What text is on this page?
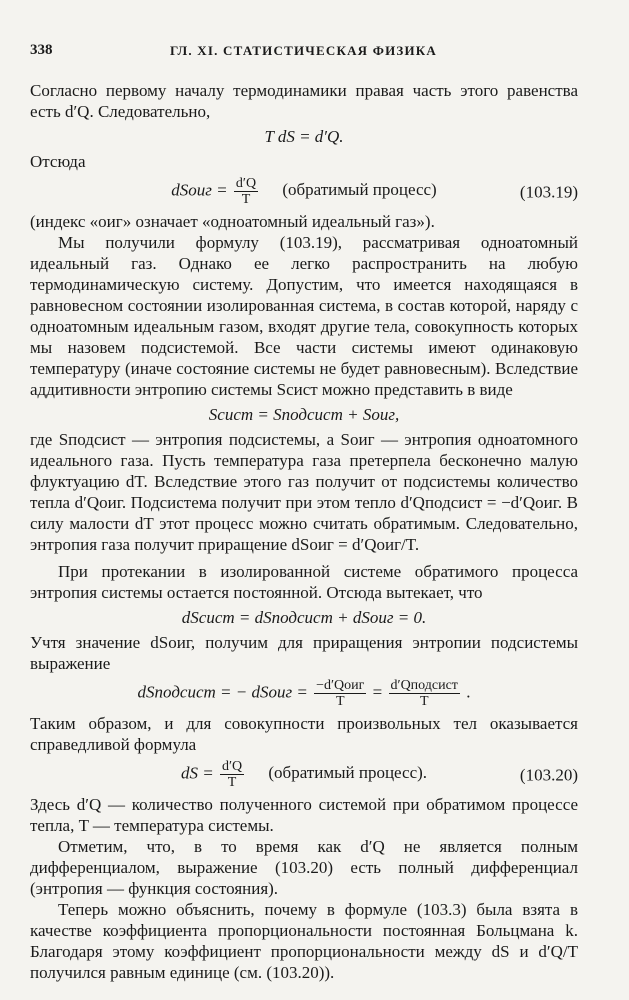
338	ГЛ. XI. СТАТИСТИЧЕСКАЯ ФИЗИКА

Согласно первому началу термодинамики правая часть этого равенства есть d′Q. Следовательно,

T dS = d′Q.

Отсюда

dSоиг = $\frac{d'Q}{T}$ (обратимый процесс)	(103.19)

(индекс «оиг» означает «одноатомный идеальный газ»).

Мы получили формулу (103.19), рассматривая одноатомный идеальный газ. Однако ее легко распространить на любую термодинамическую систему. Допустим, что имеется находящаяся в равновесном состоянии изолированная система, в состав которой, наряду с одноатомным идеальным газом, входят другие тела, совокупность которых мы назовем подсистемой. Все части системы имеют одинаковую температуру (иначе состояние системы не будет равновесным). Вследствие аддитивности энтропию системы Sсист можно представить в виде

Sсист = Sподсист + Sоиг,

где Sподсист — энтропия подсистемы, а Sоиг — энтропия одноатомного идеального газа. Пусть температура газа претерпела бесконечно малую флуктуацию dT. Вследствие этого газ получит от подсистемы количество тепла d′Qоиг. Подсистема получит при этом тепло d′Qподсист = −d′Qоиг. В силу малости dT этот процесс можно считать обратимым. Следовательно, энтропия газа получит приращение dSоиг = d′Qоиг/T.

При протекании в изолированной системе обратимого процесса энтропия системы остается постоянной. Отсюда вытекает, что

dSсист = dSподсист + dSоиг = 0.

Учтя значение dSоиг, получим для приращения энтропии подсистемы выражение

dSподсист = − dSоиг = $\frac{\text{−d′Qоиг}}{T} = \frac{\text{d′Qподсист}}{T}$ .

Таким образом, и для совокупности произвольных тел оказывается справедливой формула

dS = $\frac{d'Q}{T}$ (обратимый процесс).	(103.20)

Здесь d′Q — количество полученного системой при обратимом процессе тепла, T — температура системы.

Отметим, что, в то время как d′Q не является полным дифференциалом, выражение (103.20) есть полный дифференциал (энтропия — функция состояния).

Теперь можно объяснить, почему в формуле (103.3) была взята в качестве коэффициента пропорциональности постоянная Больцмана k. Благодаря этому коэффициент пропорциональности между dS и d′Q/T получился равным единице (см. (103.20)).
